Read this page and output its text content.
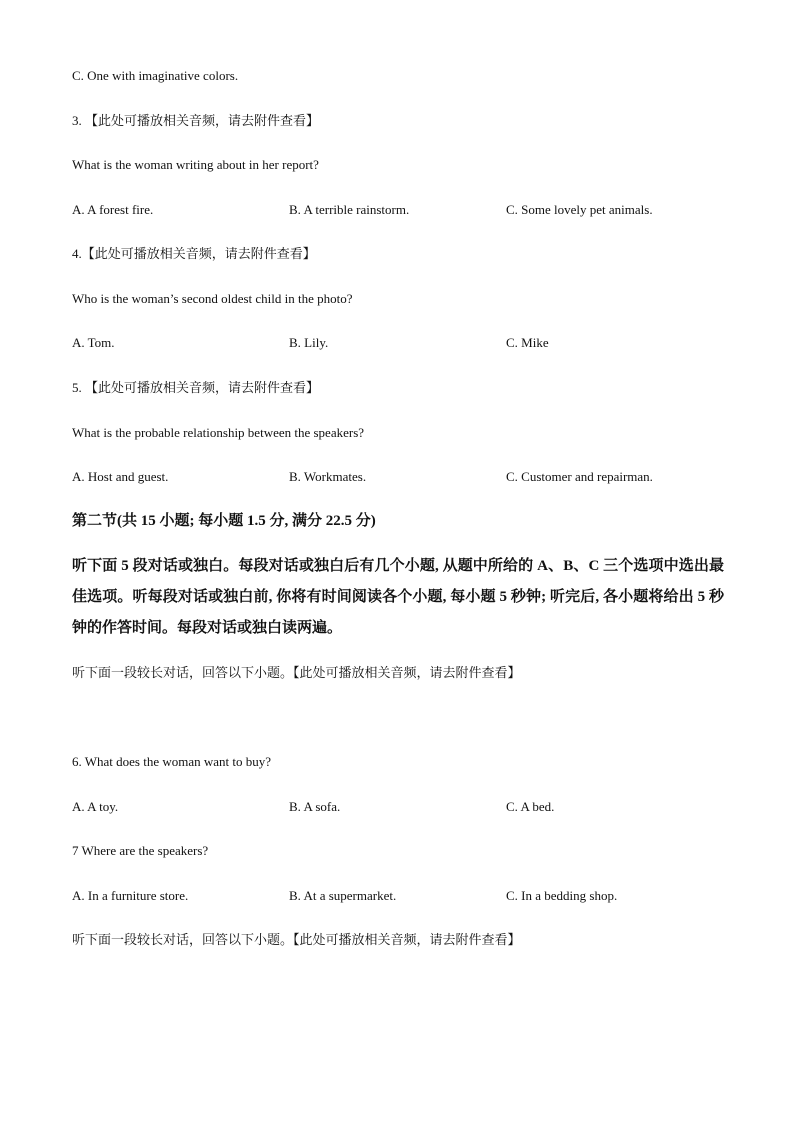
C. One with imaginative colors.
3. 【此处可播放相关音频，请去附件查看】
What is the woman writing about in her report?
A. A forest fire.	B. A terrible rainstorm.	C. Some lovely pet animals.
4.【此处可播放相关音频，请去附件查看】
Who is the woman’s second oldest child in the photo?
A. Tom.	B. Lily.	C. Mike
5. 【此处可播放相关音频，请去附件查看】
What is the probable relationship between the speakers?
A. Host and guest.	B. Workmates.	C. Customer and repairman.
第二节(共 15 小题; 每小题 1.5 分, 满分 22.5 分)
听下面 5 段对话或独白。每段对话或独白后有几个小题, 从题中所给的 A、B、C 三个选项中选出最佳选项。听每段对话或独白前, 你将有时间阅读各个小题, 每小题 5 秒钟; 听完后, 各小题将给出 5 秒钟的作答时间。每段对话或独白读两遍。
听下面一段较长对话，回答以下小题。【此处可播放相关音频，请去附件查看】
6. What does the woman want to buy?
A. A toy.	B. A sofa.	C. A bed.
7 Where are the speakers?
A. In a furniture store.	B. At a supermarket.	C. In a bedding shop.
听下面一段较长对话，回答以下小题。【此处可播放相关音频，请去附件查看】
